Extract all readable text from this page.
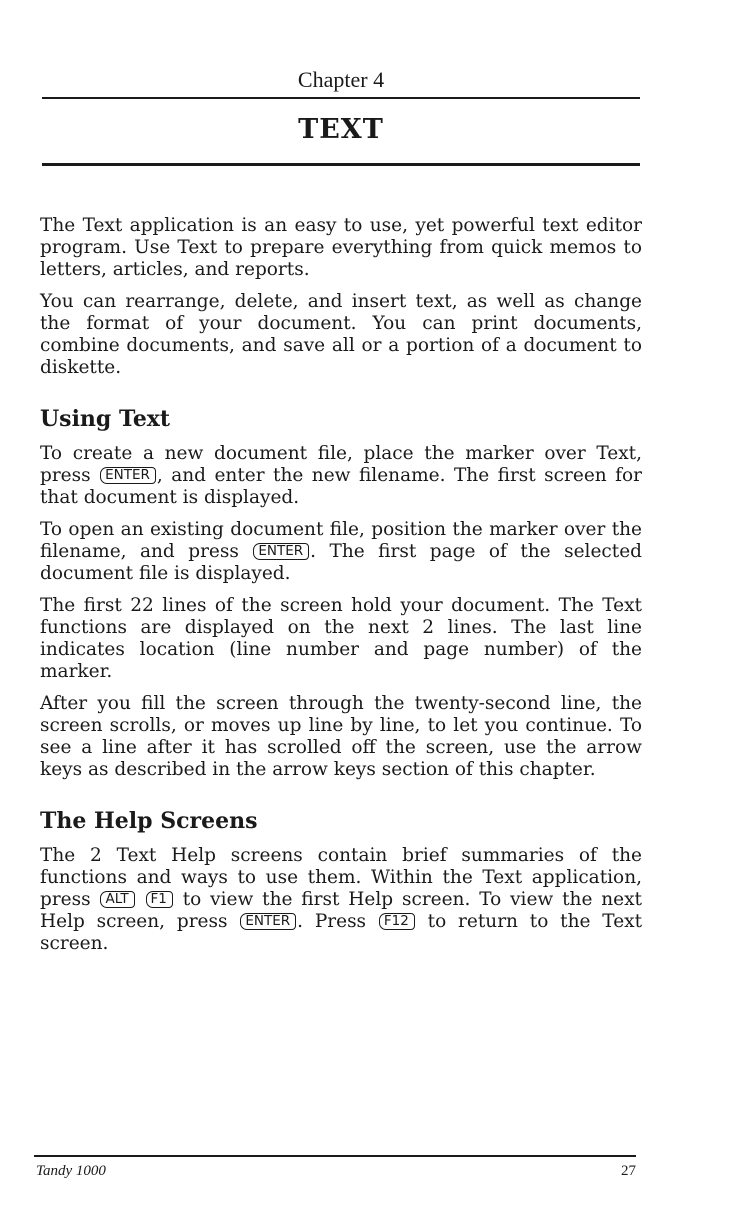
Chapter 4
TEXT

The Text application is an easy to use, yet powerful text editor program. Use Text to prepare everything from quick memos to letters, articles, and reports.

You can rearrange, delete, and insert text, as well as change the format of your document. You can print documents, combine documents, and save all or a portion of a document to diskette.

Using Text

To create a new document file, place the marker over Text, press ENTER , and enter the new filename. The first screen for that document is displayed.

To open an existing document file, position the marker over the filename, and press ENTER . The first page of the selected document file is displayed.

The first 22 lines of the screen hold your document. The Text functions are displayed on the next 2 lines. The last line indicates location (line number and page number) of the marker.

After you fill the screen through the twenty-second line, the screen scrolls, or moves up line by line, to let you continue. To see a line after it has scrolled off the screen, use the arrow keys as described in the arrow keys section of this chapter.

The Help Screens

The 2 Text Help screens contain brief summaries of the functions and ways to use them. Within the Text application, press ALT F1 to view the first Help screen. To view the next Help screen, press ENTER . Press F12 to return to the Text screen.

Tandy 1000	27
